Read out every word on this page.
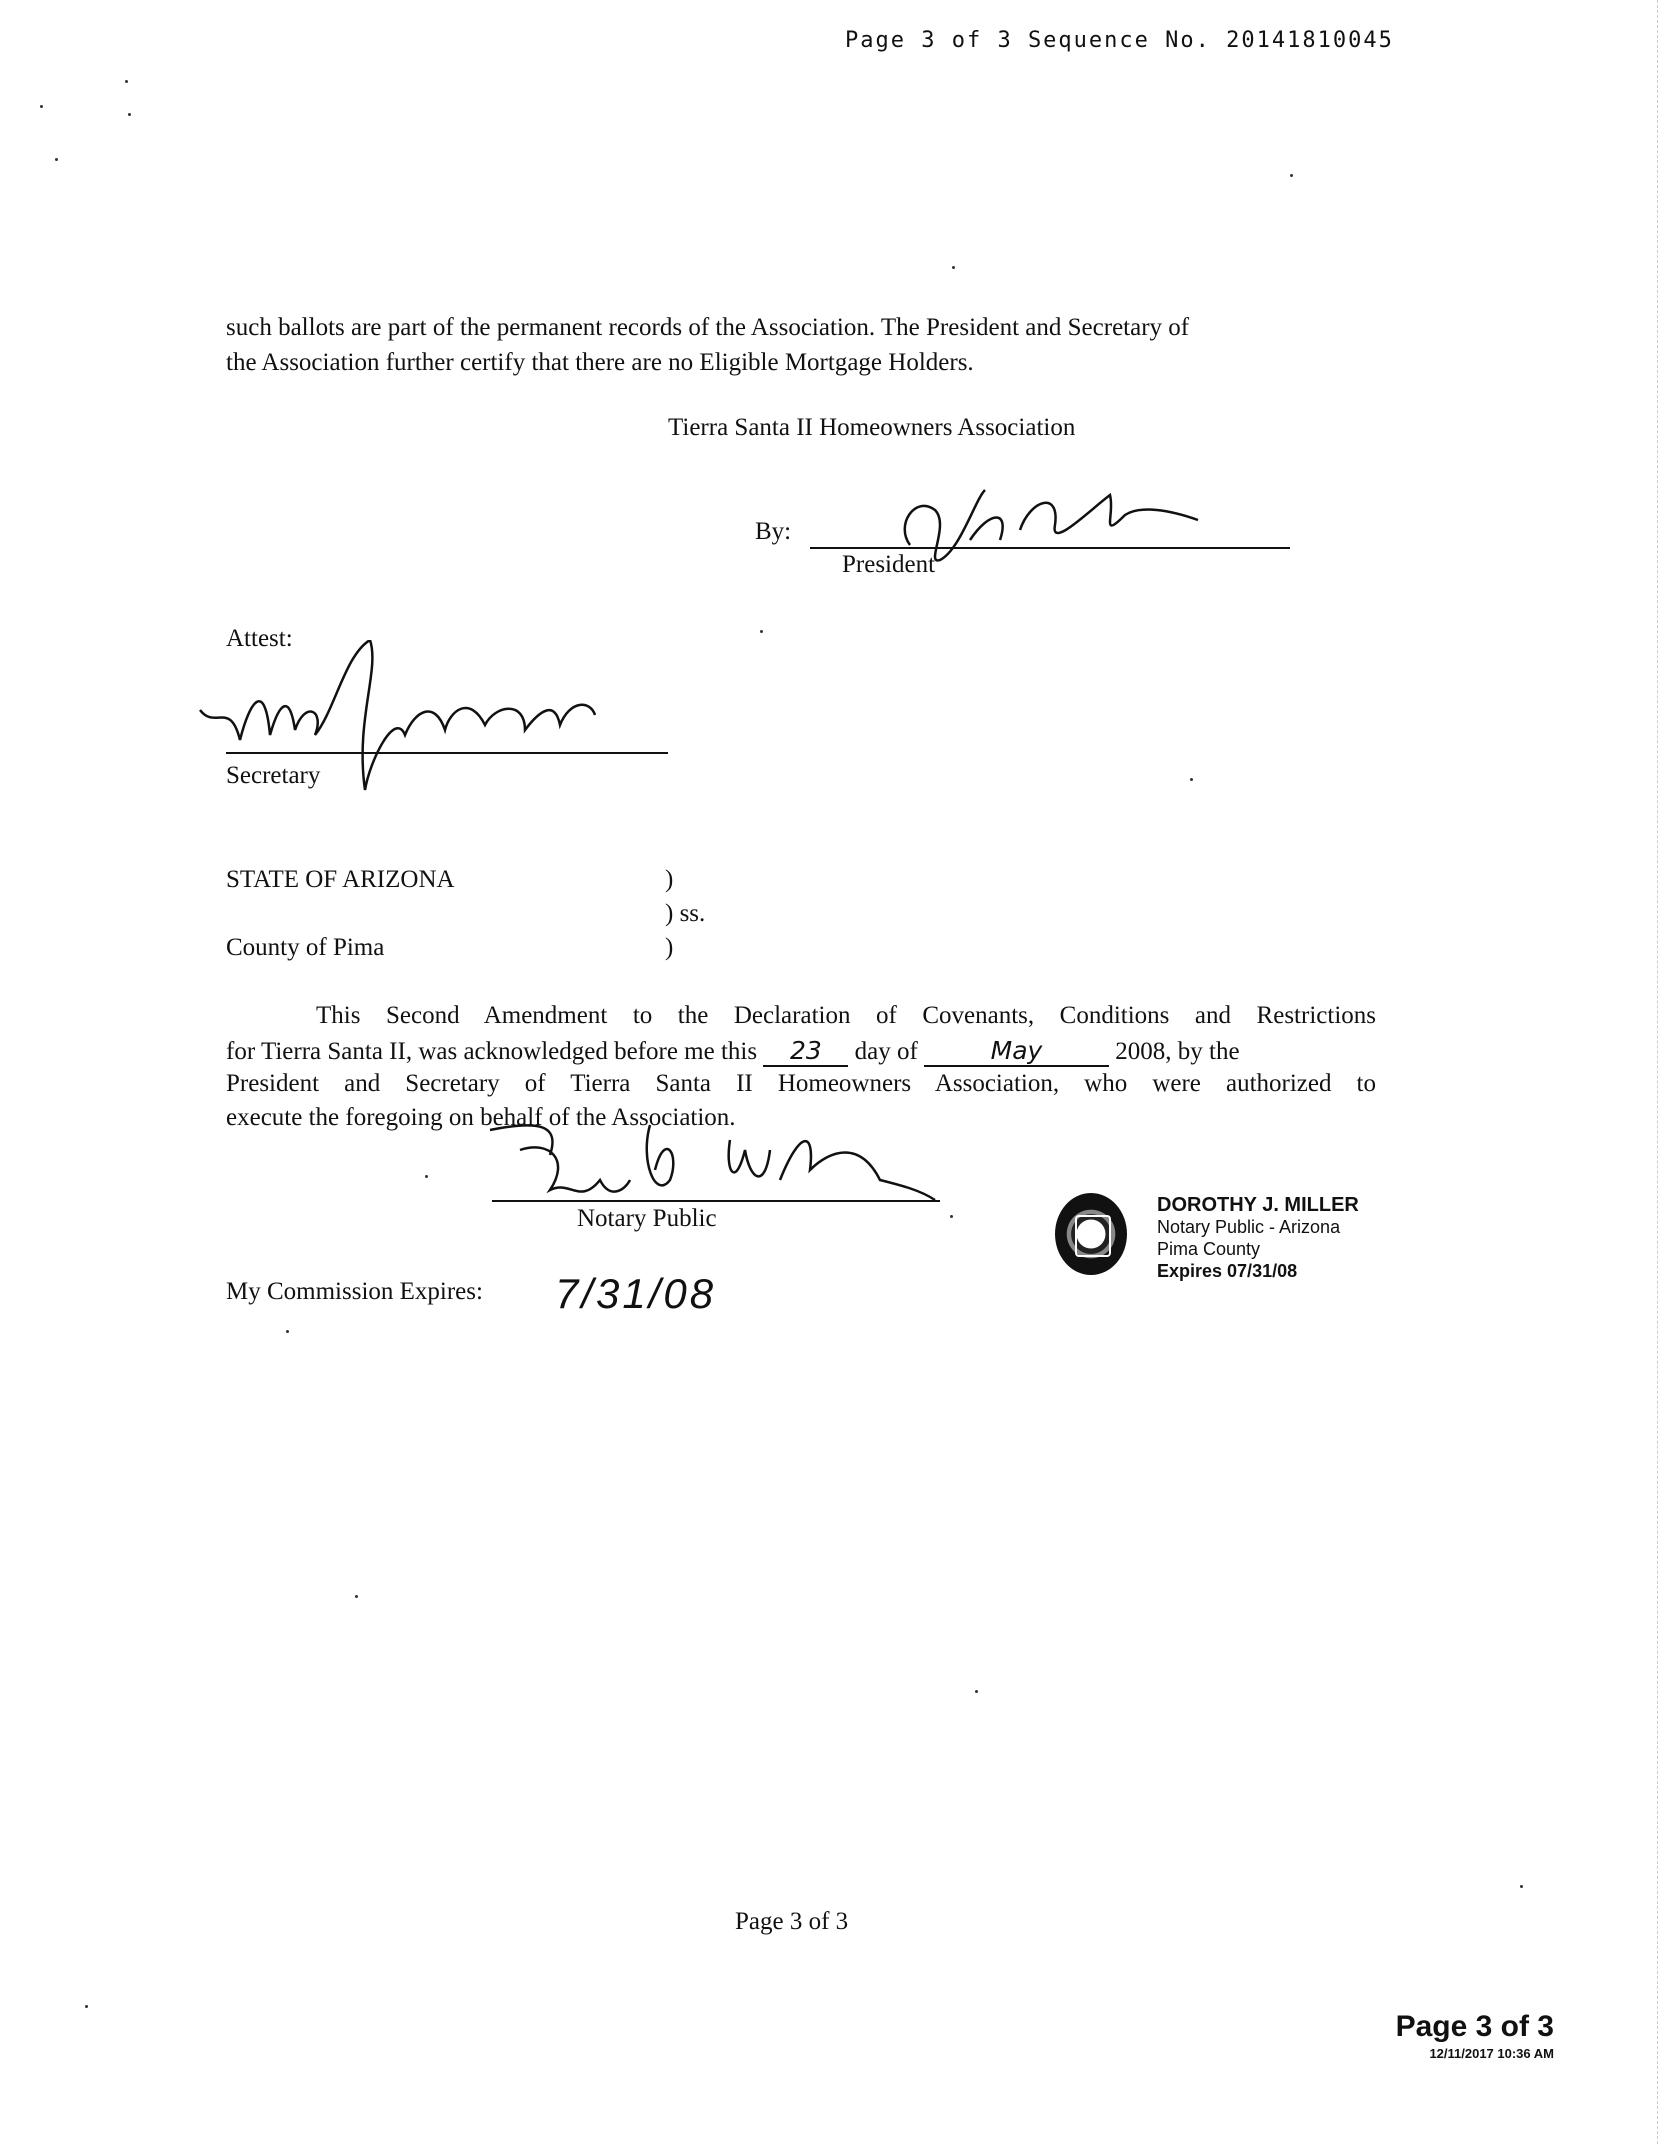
Page 3 of 3 Sequence No. 20141810045
such ballots are part of the permanent records of the Association. The President and Secretary of
the Association further certify that there are no Eligible Mortgage Holders.
Tierra Santa II Homeowners Association
By:
President
Attest:
Secretary
STATE OF ARIZONA	)
) ss.
County of Pima	)
This Second Amendment to the Declaration of Covenants, Conditions and Restrictions
for Tierra Santa II, was acknowledged before me this 23 day of	May	2008, by the
President and Secretary of Tierra Santa II Homeowners Association, who were authorized to
execute the foregoing on behalf of the Association.
Notary Public
My Commission Expires: 7/31/08
DOROTHY J. MILLER
Notary Public - Arizona
Pima County
Expires 07/31/08
Page 3 of 3
Page 3 of 3
12/11/2017 10:36 AM
